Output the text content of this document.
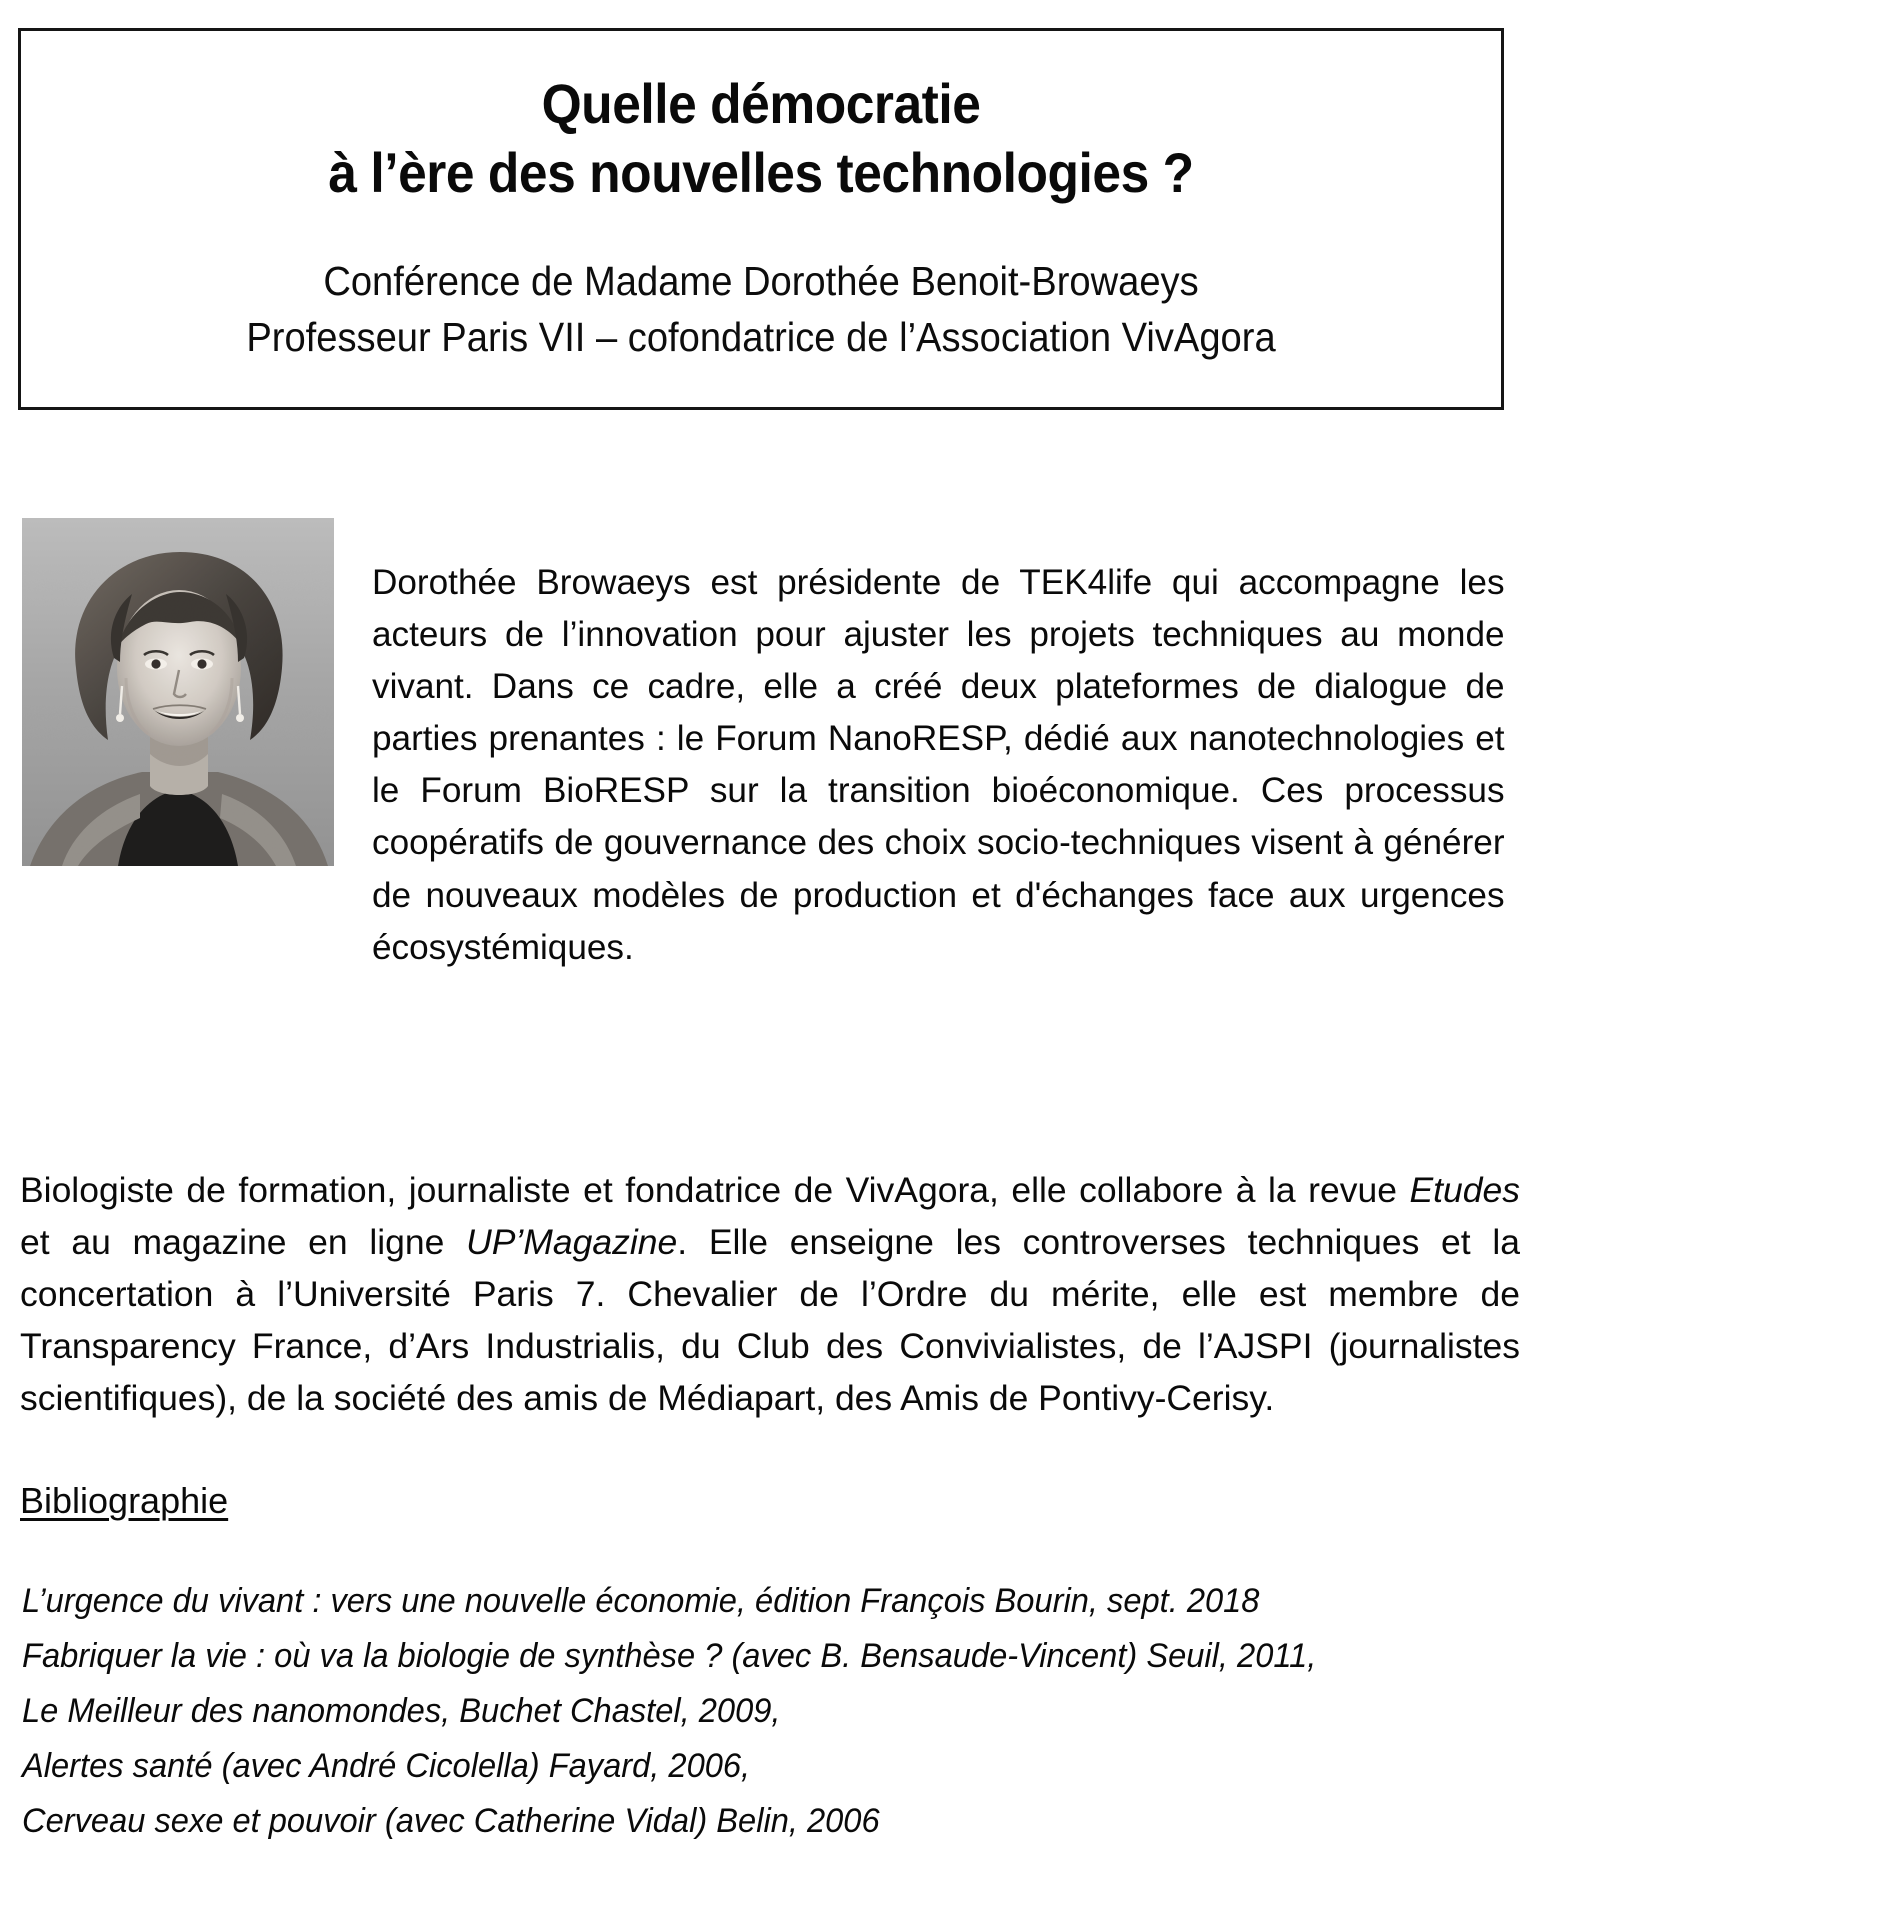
Quelle démocratie
à l’ère des nouvelles technologies ?
Conférence de Madame Dorothée Benoit-Browaeys
Professeur Paris VII – cofondatrice de l’Association VivAgora

Dorothée Browaeys est présidente de TEK4life qui accompagne les acteurs de l’innovation pour ajuster les projets techniques au monde vivant. Dans ce cadre, elle a créé deux plateformes de dialogue de parties prenantes : le Forum NanoRESP, dédié aux nanotechnologies et le Forum BioRESP sur la transition bioéconomique. Ces processus coopératifs de gouvernance des choix socio-techniques visent à générer de nouveaux modèles de production et d'échanges face aux urgences écosystémiques.

Biologiste de formation, journaliste et fondatrice de VivAgora, elle collabore à la revue Etudes et au magazine en ligne UP’Magazine. Elle enseigne les controverses techniques et la concertation à l’Université Paris 7. Chevalier de l’Ordre du mérite, elle est membre de Transparency France, d’Ars Industrialis, du Club des Convivialistes, de l’AJSPI (journalistes scientifiques), de la société des amis de Médiapart, des Amis de Pontivy-Cerisy.

Bibliographie
L’urgence du vivant : vers une nouvelle économie, édition François Bourin, sept. 2018
Fabriquer la vie : où va la biologie de synthèse ? (avec B. Bensaude-Vincent) Seuil, 2011,
Le Meilleur des nanomondes, Buchet Chastel, 2009,
Alertes santé (avec André Cicolella) Fayard, 2006,
Cerveau sexe et pouvoir (avec Catherine Vidal) Belin, 2006
